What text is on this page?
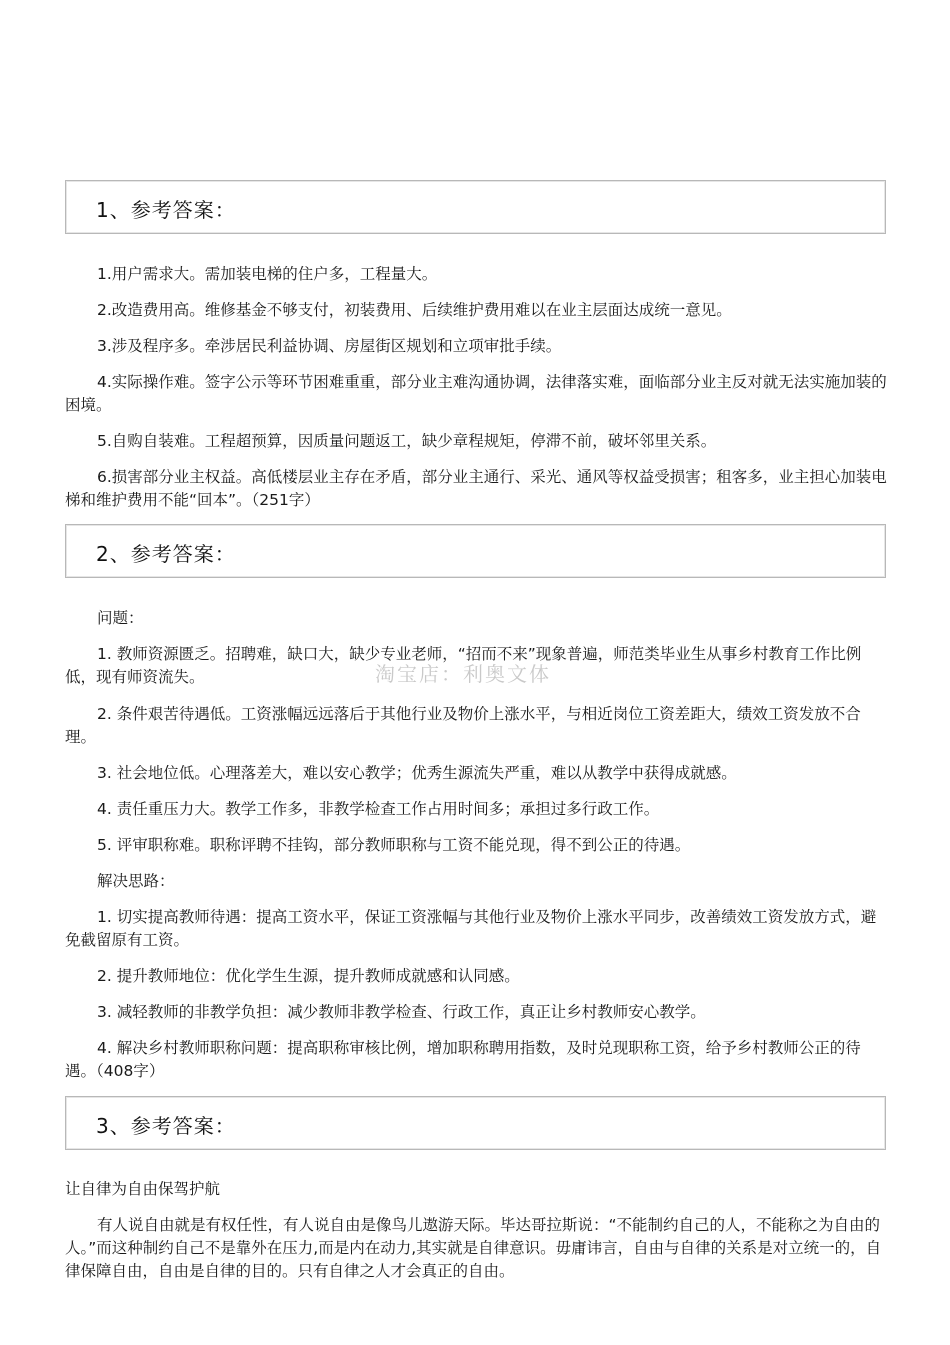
1、参考答案：
1.用户需求大。需加装电梯的住户多，工程量大。
2.改造费用高。维修基金不够支付，初装费用、后续维护费用难以在业主层面达成统一意见。
3.涉及程序多。牵涉居民利益协调、房屋街区规划和立项审批手续。
4.实际操作难。签字公示等环节困难重重，部分业主难沟通协调，法律落实难，面临部分业主反对就无法实施加装的困境。
5.自购自装难。工程超预算，因质量问题返工，缺少章程规矩，停滞不前，破坏邻里关系。
6.损害部分业主权益。高低楼层业主存在矛盾，部分业主通行、采光、通风等权益受损害；租客多，业主担心加装电梯和维护费用不能“回本”。（251字）
2、参考答案：
问题：
1. 教师资源匮乏。招聘难，缺口大，缺少专业老师，“招而不来”现象普遍，师范类毕业生从事乡村教育工作比例低，现有师资流失。
2. 条件艰苦待遇低。工资涨幅远远落后于其他行业及物价上涨水平，与相近岗位工资差距大，绩效工资发放不合理。
3. 社会地位低。心理落差大，难以安心教学；优秀生源流失严重，难以从教学中获得成就感。
4. 责任重压力大。教学工作多，非教学检查工作占用时间多；承担过多行政工作。
5. 评审职称难。职称评聘不挂钩，部分教师职称与工资不能兑现，得不到公正的待遇。
解决思路：
1. 切实提高教师待遇：提高工资水平，保证工资涨幅与其他行业及物价上涨水平同步，改善绩效工资发放方式，避免截留原有工资。
2. 提升教师地位：优化学生生源，提升教师成就感和认同感。
3. 减轻教师的非教学负担：减少教师非教学检查、行政工作，真正让乡村教师安心教学。
4. 解决乡村教师职称问题：提高职称审核比例，增加职称聘用指数，及时兑现职称工资，给予乡村教师公正的待遇。（408字）
3、参考答案：
让自律为自由保驾护航
有人说自由就是有权任性，有人说自由是像鸟儿遨游天际。毕达哥拉斯说：“不能制约自己的人，不能称之为自由的人。”而这种制约自己不是靠外在压力,而是内在动力,其实就是自律意识。毋庸讳言，自由与自律的关系是对立统一的，自律保障自由，自由是自律的目的。只有自律之人才会真正的自由。
淘宝店：利奥文体
